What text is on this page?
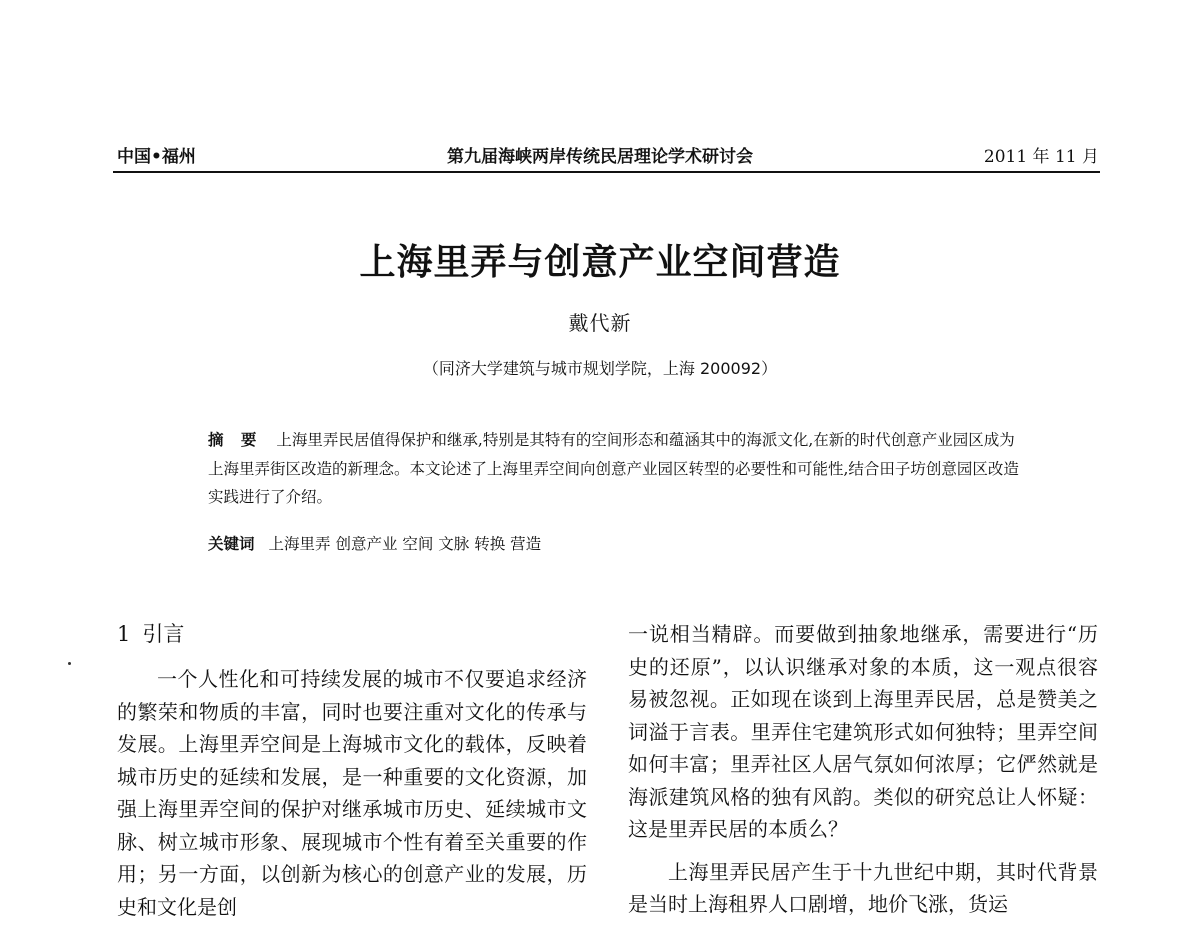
中国•福州	第九届海峡两岸传统民居理论学术研讨会	2011 年 11 月
上海里弄与创意产业空间营造
戴代新
（同济大学建筑与城市规划学院，上海 200092）
摘 要 上海里弄民居值得保护和继承,特别是其特有的空间形态和蕴涵其中的海派文化,在新的时代创意产业园区成为上海里弄街区改造的新理念。本文论述了上海里弄空间向创意产业园区转型的必要性和可能性,结合田子坊创意园区改造实践进行了介绍。
关键词 上海里弄 创意产业 空间 文脉 转换 营造
1 引言

一个人性化和可持续发展的城市不仅要追求经济的繁荣和物质的丰富，同时也要注重对文化的传承与发展。上海里弄空间是上海城市文化的载体，反映着城市历史的延续和发展，是一种重要的文化资源，加强上海里弄空间的保护对继承城市历史、延续城市文脉、树立城市形象、展现城市个性有着至关重要的作用；另一方面，以创新为核心的创意产业的发展，历史和文化是创

一说相当精辟。而要做到抽象地继承，需要进行“历史的还原”，以认识继承对象的本质，这一观点很容易被忽视。正如现在谈到上海里弄民居，总是赞美之词溢于言表。里弄住宅建筑形式如何独特；里弄空间如何丰富；里弄社区人居气氛如何浓厚；它俨然就是海派建筑风格的独有风韵。类似的研究总让人怀疑：这是里弄民居的本质么？

上海里弄民居产生于十九世纪中期，其时代背景是当时上海租界人口剧增，地价飞涨，货运
